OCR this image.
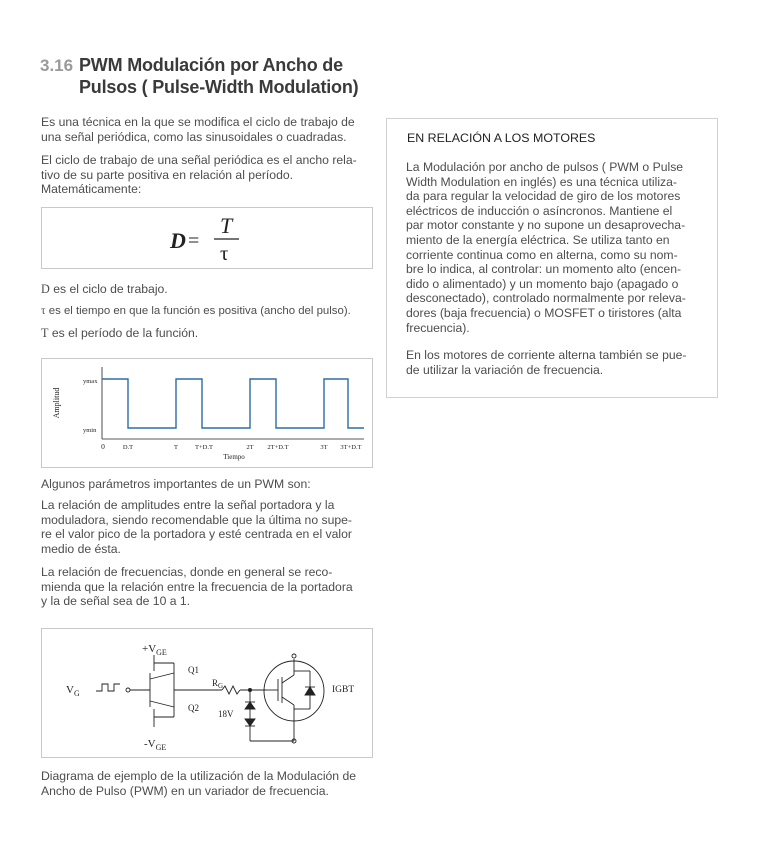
3.16 PWM Modulación por Ancho de
Pulsos ( Pulse-Width Modulation)
Es una técnica en la que se modifica el ciclo de trabajo de
una señal periódica, como las sinusoidales o cuadradas.
El ciclo de trabajo de una señal periódica es el ancho rela-
tivo de su parte positiva en relación al período.
Matemáticamente:
D =
T
τ
D es el ciclo de trabajo.
τ es el tiempo en que la función es positiva (ancho del pulso).
T es el período de la función.
Amplitud
ymax
ymin
0	D.T	T	T+D.T	2T 2T+D.T	3T 3T+D.T
Tiempo
Algunos parámetros importantes de un PWM son:
La relación de amplitudes entre la señal portadora y la
moduladora, siendo recomendable que la última no supe-
re el valor pico de la portadora y esté centrada en el valor
medio de ésta.
La relación de frecuencias, donde en general se reco-
mienda que la relación entre la frecuencia de la portadora
y la de señal sea de 10 a 1.
$+V_{GE}$
$-V_{GE}$
$V_G$
Q1
Q2
$R_G$
18V
IGBT
Diagrama de ejemplo de la utilización de la Modulación de
Ancho de Pulso (PWM) en un variador de frecuencia.
EN RELACIÓN A LOS MOTORES
La Modulación por ancho de pulsos ( PWM o Pulse
Width Modulation en inglés) es una técnica utiliza-
da para regular la velocidad de giro de los motores
eléctricos de inducción o asíncronos. Mantiene el
par motor constante y no supone un desaprovecha-
miento de la energía eléctrica. Se utiliza tanto en
corriente continua como en alterna, como su nom-
bre lo indica, al controlar: un momento alto (encen-
dido o alimentado) y un momento bajo (apagado o
desconectado), controlado normalmente por releva-
dores (baja frecuencia) o MOSFET o tiristores (alta
frecuencia).
En los motores de corriente alterna también se pue-
de utilizar la variación de frecuencia.
